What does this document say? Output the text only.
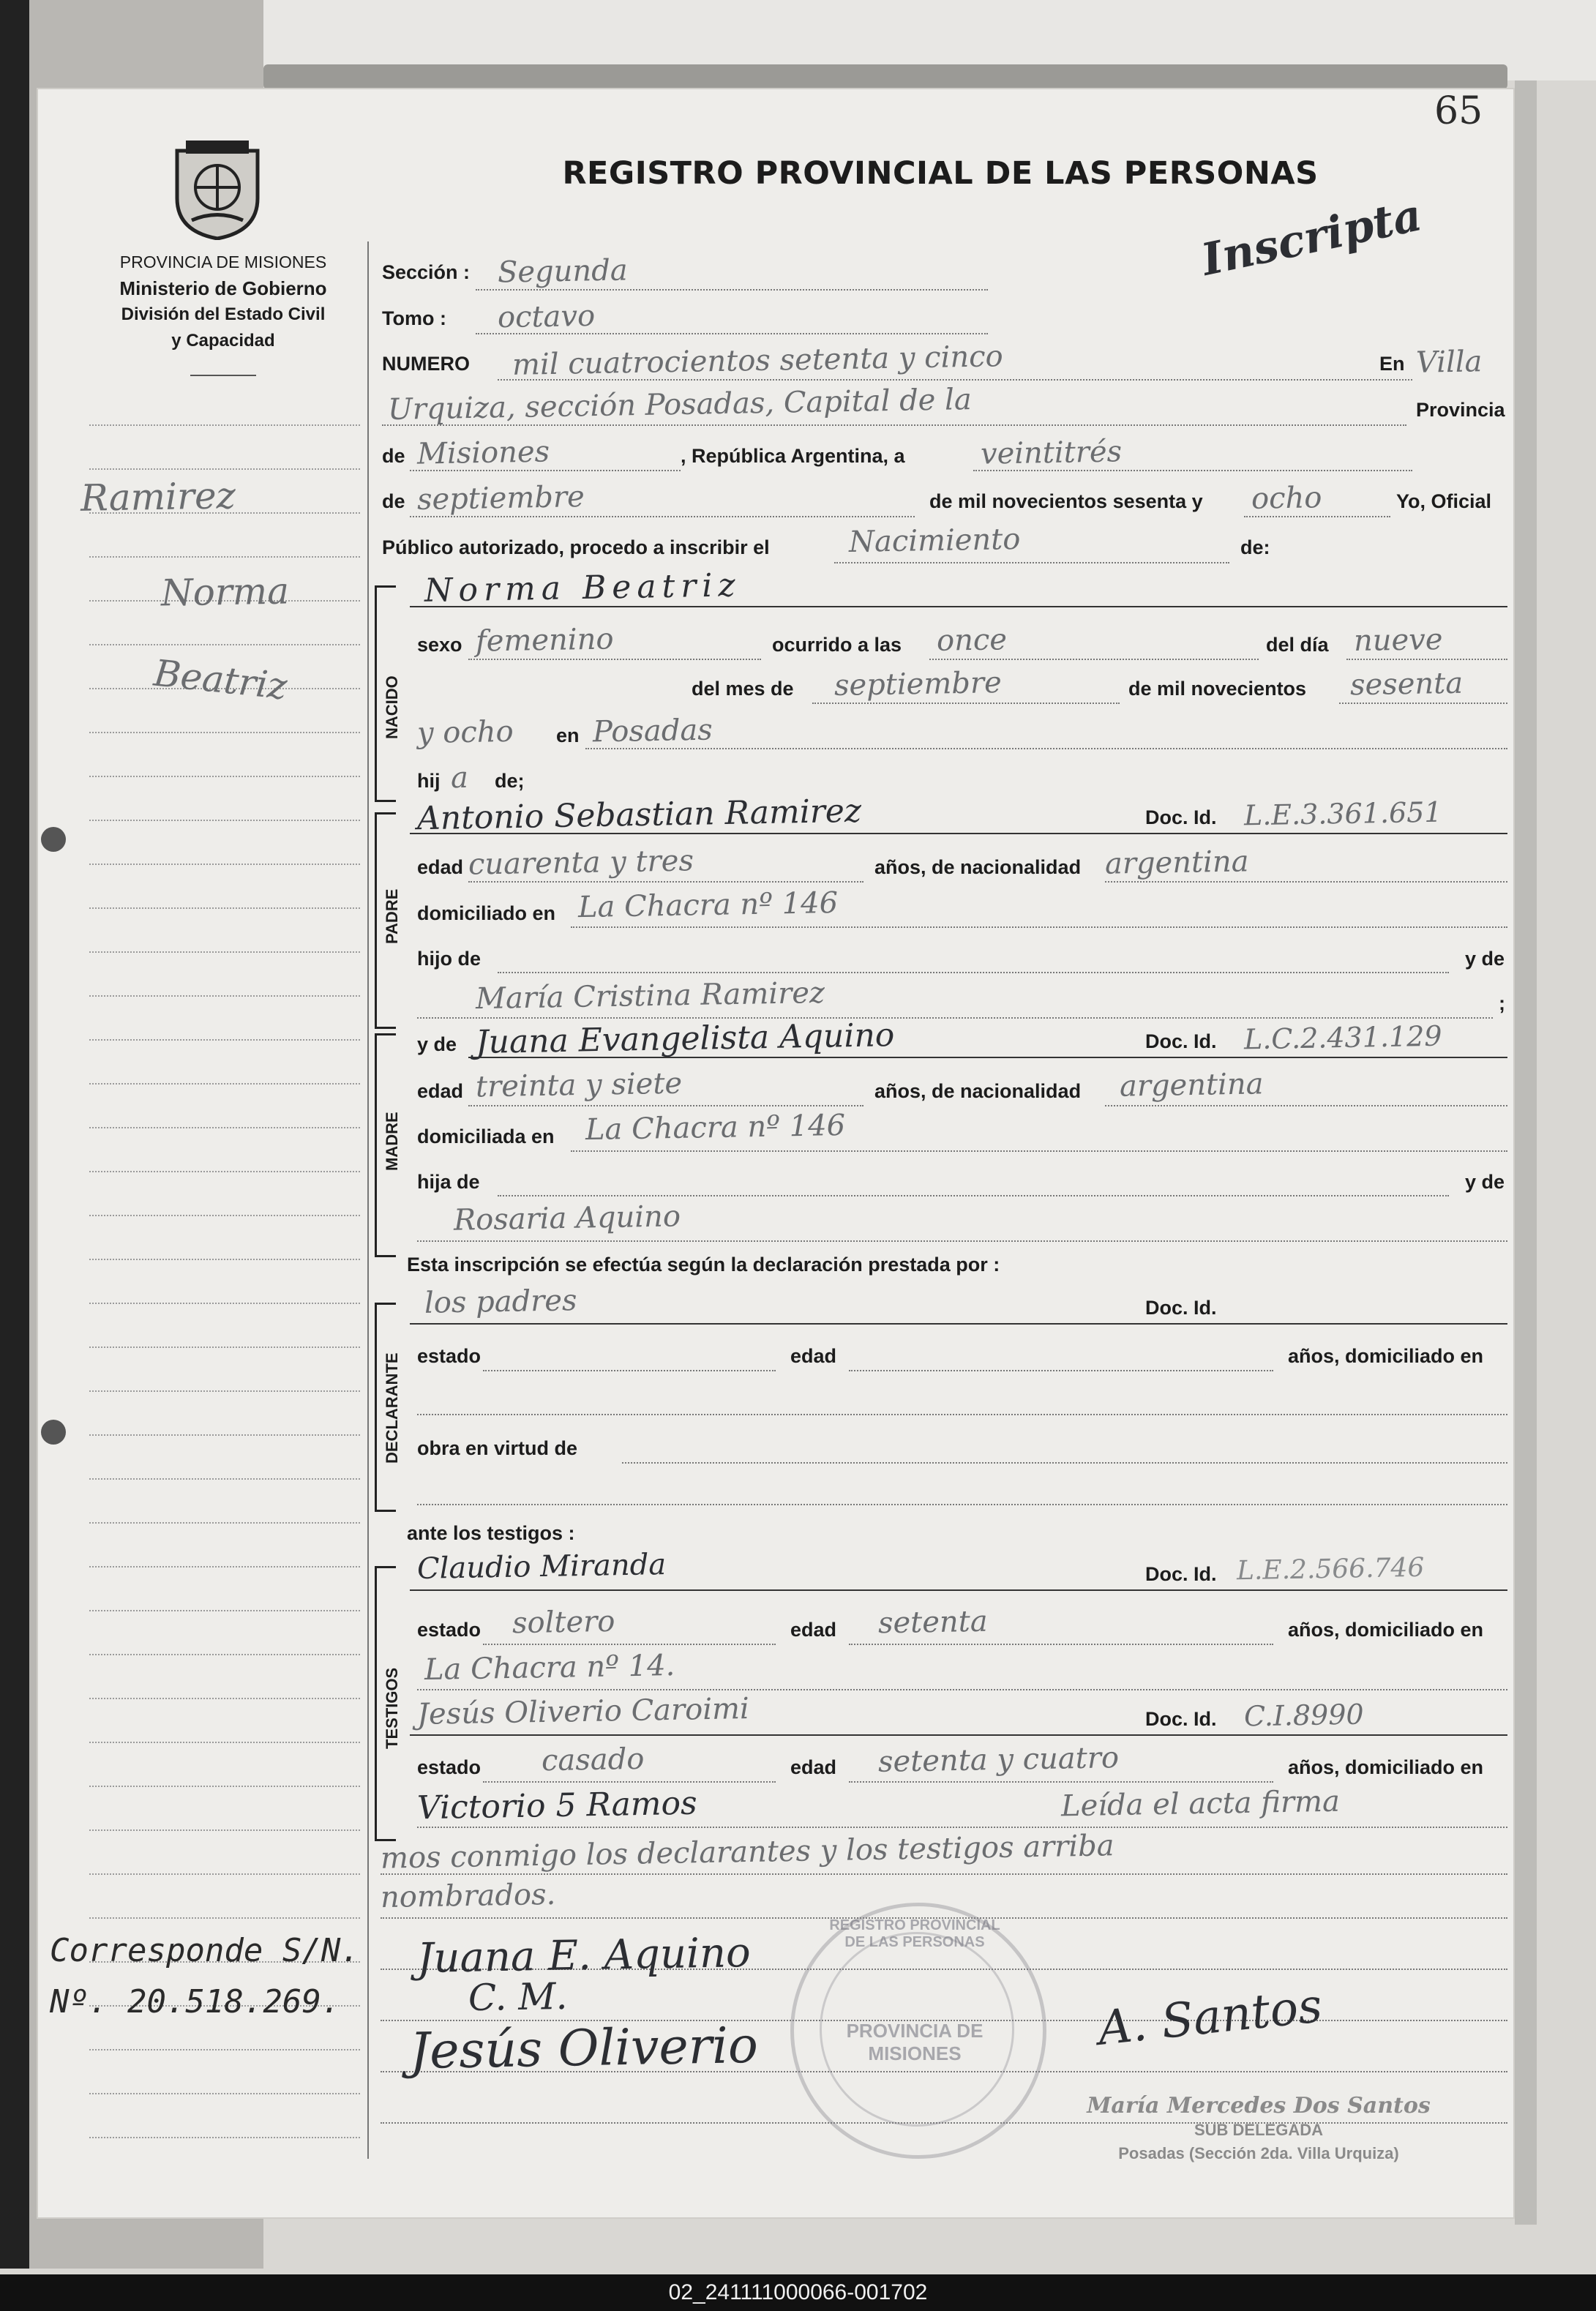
65
PROVINCIA DE MISIONES
Ministerio de Gobierno
División del Estado Civil
y Capacidad
REGISTRO PROVINCIAL DE LAS PERSONAS
Inscripta
Ramirez
Norma
Beatriz
Corresponde S/N.
Nº. 20.518.269.
Sección : Segunda
Tomo : octavo
NUMERO mil cuatrocientos setenta y cinco	En Villa
Urquiza, sección Posadas, Capital de la	Provincia
de Misiones	, República Argentina, a	veintitrés
de septiembre	de mil novecientos sesenta y ocho	Yo, Oficial
Público autorizado, procedo a inscribir el	Nacimiento	de:
NACIDO
Norma Beatriz
sexo femenino	ocurrido a las once	del día nueve
del mes de septiembre	de mil novecientos sesenta
y ocho en Posadas
hij a de;
PADRE
Antonio Sebastian Ramirez	Doc. Id. L.E.3.361.651
edad cuarenta y tres	años, de nacionalidad argentina
domiciliado en La Chacra nº 146
hijo de	y de
María Cristina Ramirez	;
MADRE
y de Juana Evangelista Aquino	Doc. Id. L.C.2.431.129
edad treinta y siete	años, de nacionalidad argentina
domiciliada en La Chacra nº 146
hija de	y de
Rosaria Aquino
Esta inscripción se efectúa según la declaración prestada por :
DECLARANTE
los padres	Doc. Id.
estado	edad	años, domiciliado en
obra en virtud de
ante los testigos :
TESTIGOS
Claudio Miranda	Doc. Id. L.E.2.566.746
estado soltero	edad setenta	años, domiciliado en
La Chacra nº 14.
Jesús Oliverio Caroimi	Doc. Id. C.I.8990
estado casado	edad setenta y cuatro	años, domiciliado en
Victorio 5 Ramos	Leída el acta firma
mos conmigo los declarantes y los testigos arriba
nombrados.
Juana E. Aquino
C. M.
Jesús Oliverio	A. Santos
REGISTRO PROVINCIAL DE LAS PERSONAS
PROVINCIA DE MISIONES
María Mercedes Dos Santos
SUB DELEGADA
Posadas (Sección 2da. Villa Urquiza)
02_241111000066-001702
